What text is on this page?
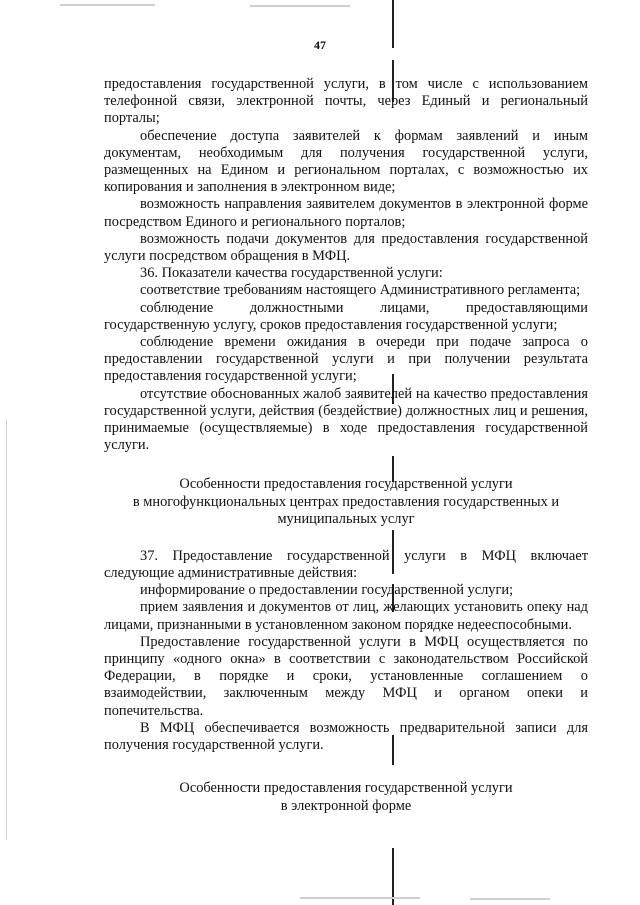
47

предоставления государственной услуги, в том числе с использованием телефонной связи, электронной почты, через Единый и региональный порталы;

обеспечение доступа заявителей к формам заявлений и иным документам, необходимым для получения государственной услуги, размещенных на Едином и региональном порталах, с возможностью их копирования и заполнения в электронном виде;

возможность направления заявителем документов в электронной форме посредством Единого и регионального порталов;

возможность подачи документов для предоставления государственной услуги посредством обращения в МФЦ.

36. Показатели качества государственной услуги:

соответствие требованиям настоящего Административного регламента;

соблюдение должностными лицами, предоставляющими государственную услугу, сроков предоставления государственной услуги;

соблюдение времени ожидания в очереди при подаче запроса о предоставлении государственной услуги и при получении результата предоставления государственной услуги;

отсутствие обоснованных жалоб заявителей на качество предоставления государственной услуги, действия (бездействие) должностных лиц и решения, принимаемые (осуществляемые) в ходе предоставления государственной услуги.

Особенности предоставления государственной услуги

в многофункциональных центрах предоставления государственных и

муниципальных услуг

37. Предоставление государственной услуги в МФЦ включает следующие административные действия:

информирование о предоставлении государственной услуги;

прием заявления и документов от лиц, желающих установить опеку над лицами, признанными в установленном законом порядке недееспособными.

Предоставление государственной услуги в МФЦ осуществляется по принципу «одного окна» в соответствии с законодательством Российской Федерации, в порядке и сроки, установленные соглашением о взаимодействии, заключенным между МФЦ и органом опеки и попечительства.

В МФЦ обеспечивается возможность предварительной записи для получения государственной услуги.

Особенности предоставления государственной услуги

в электронной форме
